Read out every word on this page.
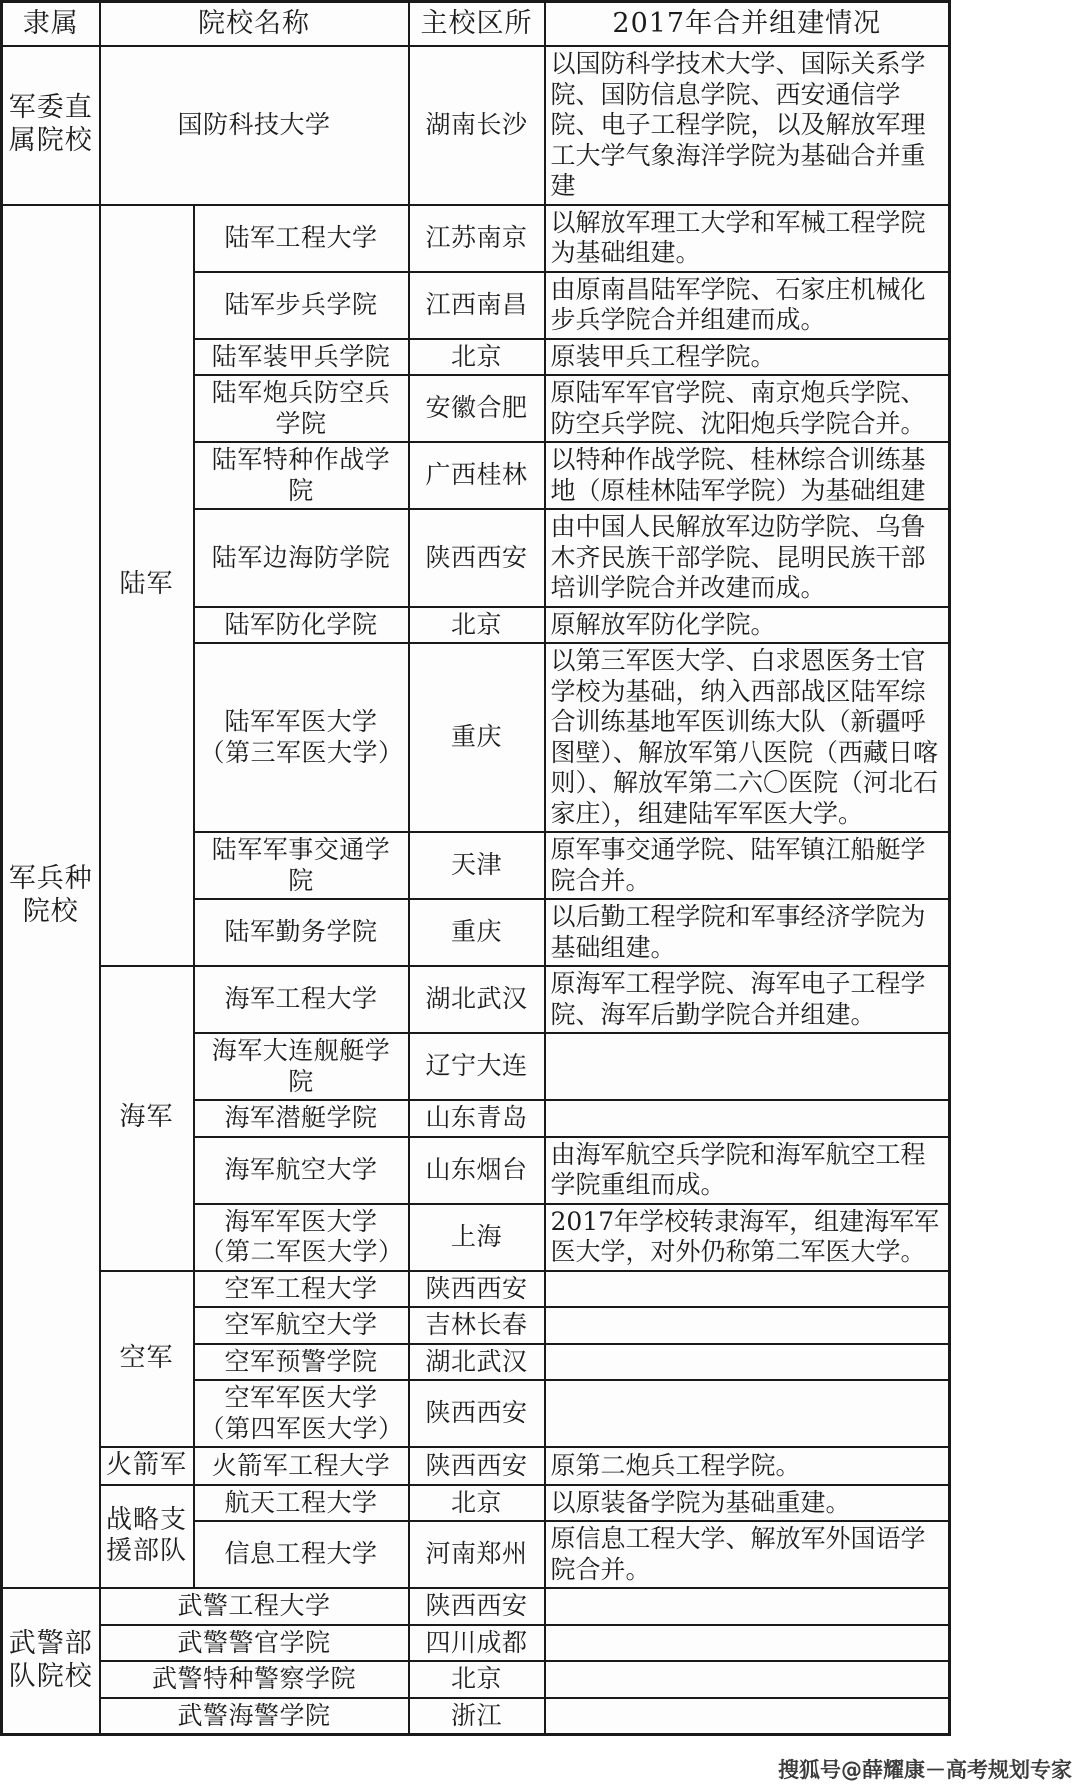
隶属	院校名称		主校区所	2017年合并组建情况

军委直
属院校	国防科技大学		湖南长沙	以国防科学技术大学、国际关系学院、国防信息学院、西安通信学院、电子工程学院，以及解放军理工大学气象海洋学院为基础合并重建

军兵种
院校	陆军	陆军工程大学	江苏南京	以解放军理工大学和军械工程学院为基础组建。
		陆军步兵学院	江西南昌	由原南昌陆军学院、石家庄机械化步兵学院合并组建而成。
		陆军装甲兵学院	北京	原装甲兵工程学院。
		陆军炮兵防空兵学院	安徽合肥	原陆军军官学院、南京炮兵学院、防空兵学院、沈阳炮兵学院合并。
		陆军特种作战学院	广西桂林	以特种作战学院、桂林综合训练基地（原桂林陆军学院）为基础组建
		陆军边海防学院	陕西西安	由中国人民解放军边防学院、乌鲁木齐民族干部学院、昆明民族干部培训学院合并改建而成。
		陆军防化学院	北京	原解放军防化学院。

		陆军军医大学
（第三军医大学）	重庆	以第三军医大学、白求恩医务士官学校为基础，纳入西部战区陆军综合训练基地军医训练大队（新疆呼图壁）、解放军第八医院（西藏日喀则）、解放军第二六〇医院（河北石家庄），组建陆军军医大学。
		陆军军事交通学院	天津	原军事交通学院、陆军镇江船艇学院合并。
		陆军勤务学院	重庆	以后勤工程学院和军事经济学院为基础组建。
	海军	海军工程大学	湖北武汉	原海军工程学院、海军电子工程学院、海军后勤学院合并组建。
		海军大连舰艇学院	辽宁大连	
		海军潜艇学院	山东青岛	
		海军航空大学	山东烟台	由海军航空兵学院和海军航空工程学院重组而成。

		海军军医大学
（第二军医大学）	上海	2017年学校转隶海军，组建海军军医大学，对外仍称第二军医大学。
	空军	空军工程大学	陕西西安	
		空军航空大学	吉林长春	
		空军预警学院	湖北武汉	

		空军军医大学
（第四军医大学）	陕西西安	
	火箭军	火箭军工程大学	陕西西安	原第二炮兵工程学院。

	战略支
援部队	航天工程大学	北京	以原装备学院为基础重建。
		信息工程大学	河南郑州	原信息工程大学、解放军外国语学院合并。

武警部
队院校	武警工程大学		陕西西安	
	武警警官学院		四川成都	
	武警特种警察学院		北京	
	武警海警学院		浙江	
搜狐号@薛耀康－高考规划专家
